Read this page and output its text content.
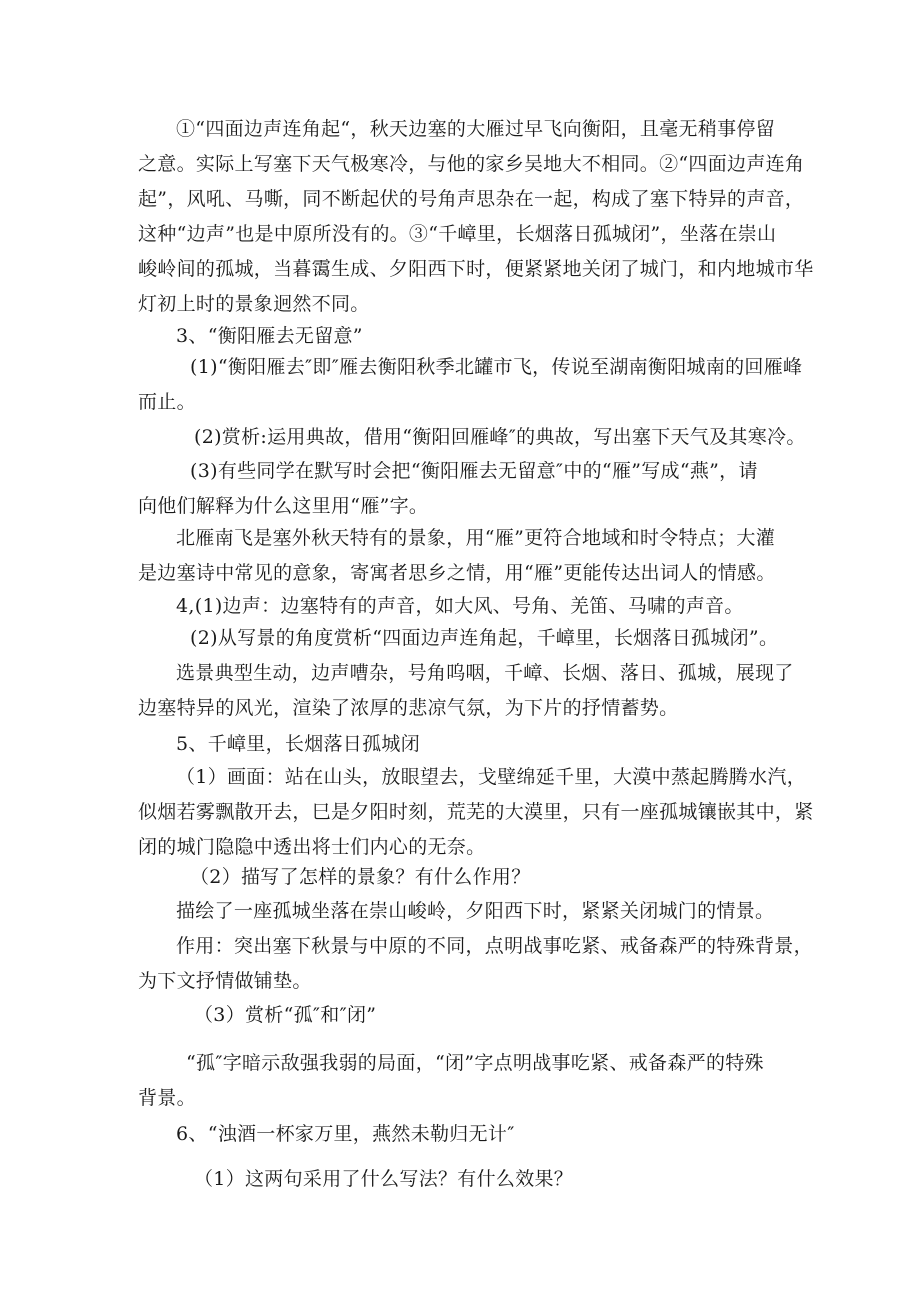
①“四面边声连角起“，秋天边塞的大雁过早飞向衡阳，且毫无稍事停留
之意。实际上写塞下天气极寒冷，与他的家乡吴地大不相同。②“四面边声连角
起”，风吼、马嘶，同不断起伏的号角声思杂在一起，构成了塞下特异的声音，
这种“边声”也是中原所没有的。③“千嶂里，长烟落日孤城闭”，坐落在崇山
峻岭间的孤城，当暮霭生成、夕阳西下时，便紧紧地关闭了城门，和内地城市华
灯初上时的景象迥然不同。
3、“衡阳雁去无留意”
(1)“衡阳雁去″即″雁去衡阳秋季北罐市飞，传说至湖南衡阳城南的回雁峰
而止。
(2)赏析:运用典故，借用“衡阳回雁峰″的典故，写出塞下天气及其寒冷。
(3)有些同学在默写时会把“衡阳雁去无留意″中的“雁”写成“燕”，请
向他们解释为什么这里用“雁”字。
北雁南飞是塞外秋天特有的景象，用“雁”更符合地域和时令特点；大灌
是边塞诗中常见的意象，寄寓者思乡之情，用“雁”更能传达出词人的情感。
4,(1)边声：边塞特有的声音，如大风、号角、羌笛、马啸的声音。
(2)从写景的角度赏析“四面边声连角起，千嶂里，长烟落日孤城闭”。
选景典型生动，边声嘈杂，号角呜咽，千嶂、长烟、落日、孤城，展现了
边塞特异的风光，渲染了浓厚的悲凉气氛，为下片的抒情蓄势。
5、千嶂里，长烟落日孤城闭
（1）画面：站在山头，放眼望去，戈壁绵延千里，大漠中蒸起腾腾水汽，
似烟若雾飘散开去，巳是夕阳时刻，荒芜的大漠里，只有一座孤城镶嵌其中，紧
闭的城门隐隐中透出将士们内心的无奈。
（2）描写了怎样的景象？有什么作用？
描绘了一座孤城坐落在崇山峻岭，夕阳西下时，紧紧关闭城门的情景。
作用：突出塞下秋景与中原的不同，点明战事吃紧、戒备森严的特殊背景，
为下文抒情做铺垫。
（3）赏析“孤″和″闭”
“孤″字暗示敌强我弱的局面，“闭”字点明战事吃紧、戒备森严的特殊
背景。
6、“浊酒一杯家万里，燕然未勒归无计″
（1）这两句采用了什么写法？有什么效果？
